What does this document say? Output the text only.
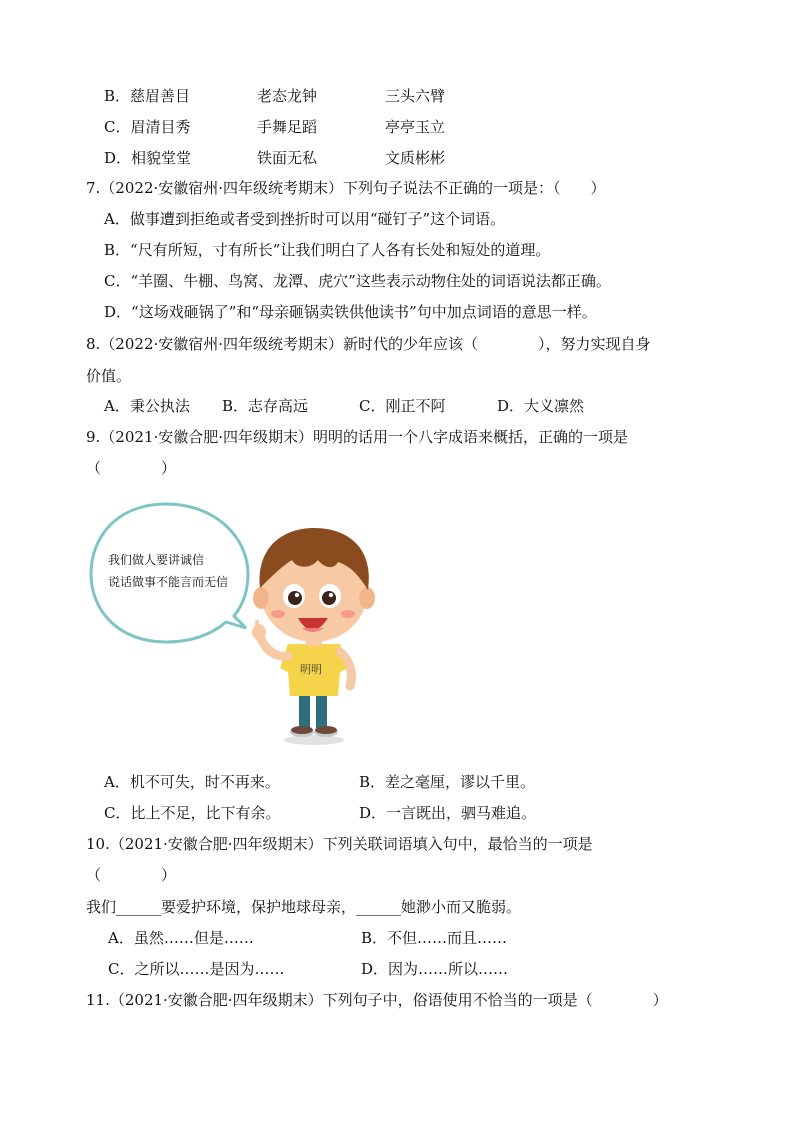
B．慈眉善目	老态龙钟	三头六臂
C．眉清目秀	手舞足蹈	亭亭玉立
D．相貌堂堂	铁面无私	文质彬彬
7.（2022·安徽宿州·四年级统考期末）下列句子说法不正确的一项是：（　　）
A．做事遭到拒绝或者受到挫折时可以用“碰钉子”这个词语。
B．“尺有所短，寸有所长”让我们明白了人各有长处和短处的道理。
C．“羊圈、牛棚、鸟窝、龙潭、虎穴”这些表示动物住处的词语说法都正确。
D．“这场戏砸锅了”和“母亲砸锅卖铁供他读书”句中加点词语的意思一样。
8.（2022·安徽宿州·四年级统考期末）新时代的少年应该（　　　　），努力实现自身
价值。
A．秉公执法 B．志存高远	C．刚正不阿	D．大义凛然
9.（2021·安徽合肥·四年级期末）明明的话用一个八字成语来概括，正确的一项是
（　　　　）
我们做人要讲诚信
说话做事不能言而无信
明明
A．机不可失，时不再来。	B．差之毫厘，谬以千里。
C．比上不足，比下有余。	D．一言既出，驷马难追。
10.（2021·安徽合肥·四年级期末）下列关联词语填入句中，最恰当的一项是
（　　　　）
我们______要爱护环境，保护地球母亲，______她渺小而又脆弱。
A．虽然……但是……	B．不但……而且……
C．之所以……是因为……	D．因为……所以……
11.（2021·安徽合肥·四年级期末）下列句子中，俗语使用不恰当的一项是（　　　　）
